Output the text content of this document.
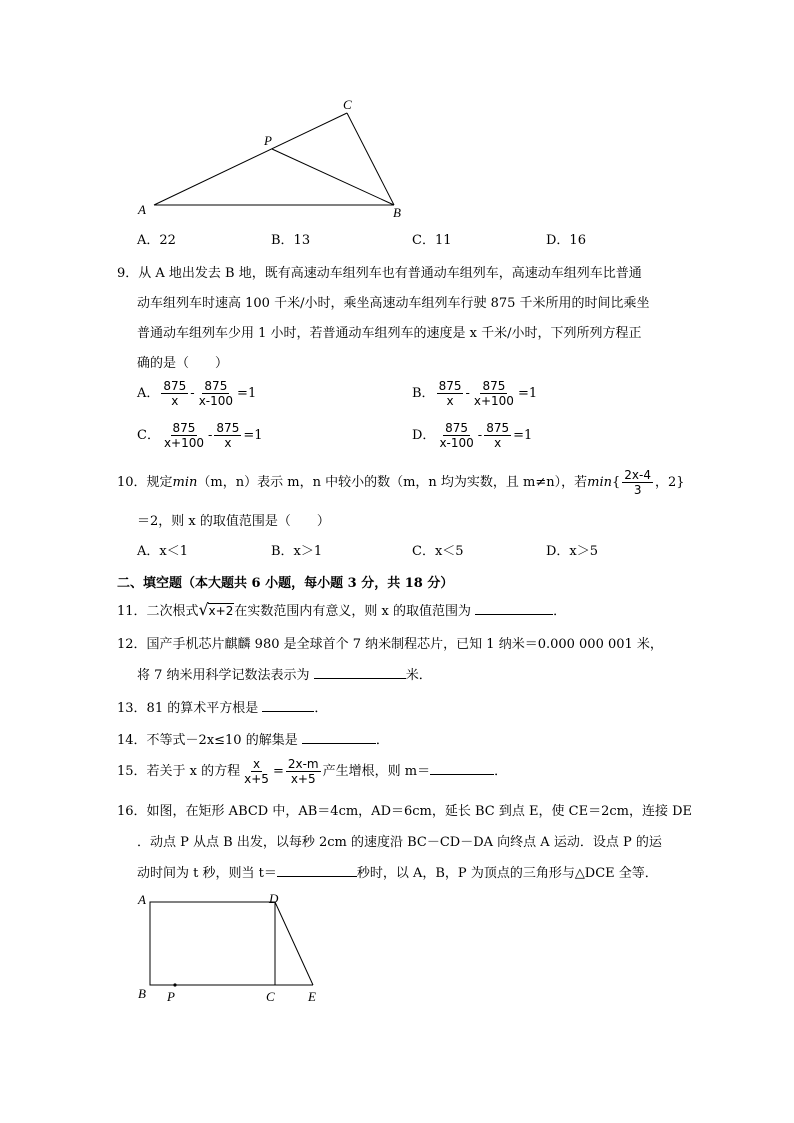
A	B
C
P
A．22	B．13	C．11	D．16
9．从 A 地出发去 B 地，既有高速动车组列车也有普通动车组列车，高速动车组列车比普通
动车组列车时速高 100 千米/小时，乘坐高速动车组列车行驶 875 千米所用的时间比乘坐
普通动车组列车少用 1 小时，若普通动车组列车的速度是 x 千米/小时，下列所列方程正
确的是（　　）
A． $\frac{875}{x} - \frac{875}{x-100} =1$	B． $\frac{875}{x} - \frac{875}{x+100} =1$
C． $\frac{875}{x+100} - \frac{875}{x} =1$	D． $\frac{875}{x-100} - \frac{875}{x} =1$
10．规定min（m，n）表示 m，n 中较小的数（m，n 均为实数，且 m≠n），若$\min\{ \frac{2x-4}{3}$ ，2}
＝2，则 x 的取值范围是（　　）
A．x＜1	B．x＞1	C．x＜5	D．x＞5
二、填空题（本大题共 6 小题，每小题 3 分，共 18 分）
11．二次根式 √ x+2在实数范围内有意义，则 x 的取值范围为	．
12．国产手机芯片麒麟 980 是全球首个 7 纳米制程芯片，已知 1 纳米＝0.000 000 001 米，
将 7 纳米用科学记数法表示为	米．
13．81 的算术平方根是	．
14．不等式－2x≤10 的解集是	．
15．若关于 x 的方程 $\frac{x}{x+5} = \frac{2x-m}{x+5}$ 产生增根，则 m＝	．
16．如图，在矩形 ABCD 中，AB＝4cm，AD＝6cm，延长 BC 到点 E，使 CE＝2cm，连接 DE
．动点 P 从点 B 出发，以每秒 2cm 的速度沿 BC－CD－DA 向终点 A 运动．设点 P 的运
动时间为 t 秒，则当 t＝	秒时，以 A，B，P 为顶点的三角形与△DCE 全等．
A	D
B P	C	E
